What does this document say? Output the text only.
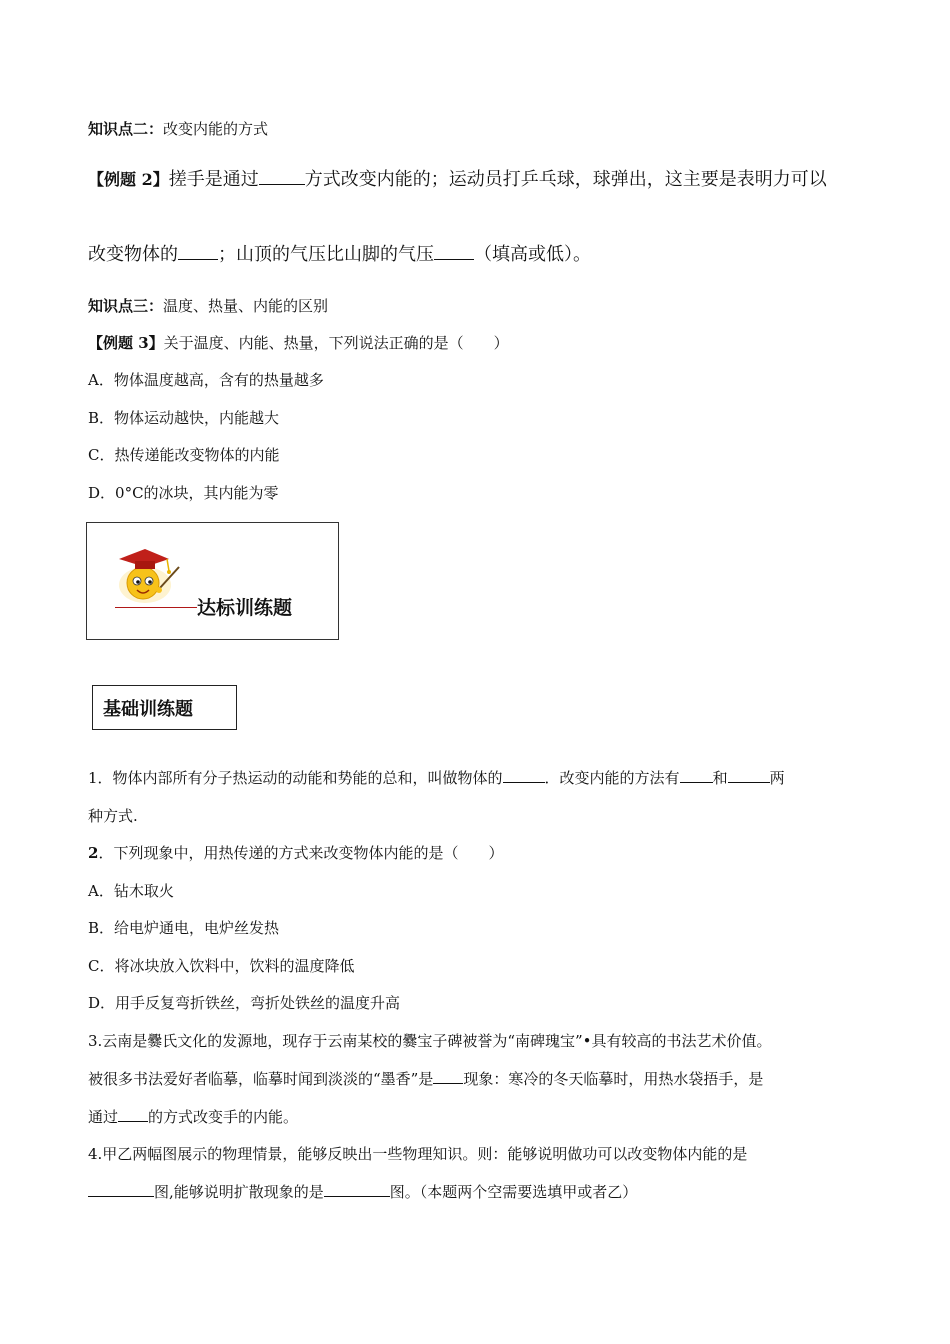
知识点二：改变内能的方式
【例题 2】搓手是通过	方式改变内能的；运动员打乒乓球，球弹出，这主要是表明力可以
改变物体的 ；山顶的气压比山脚的气压 （填高或低）。
知识点三：温度、热量、内能的区别
【例题 3】关于温度、内能、热量，下列说法正确的是（　　）
A．物体温度越高，含有的热量越多
B．物体运动越快，内能越大
C．热传递能改变物体的内能
D．0°C的冰块，其内能为零
达标训练题
基础训练题
1．物体内部所有分子热运动的动能和势能的总和，叫做物体的	．改变内能的方法有 和	两
种方式.
2．下列现象中，用热传递的方式来改变物体内能的是（　　）
A．钻木取火
B．给电炉通电，电炉丝发热
C．将冰块放入饮料中，饮料的温度降低
D．用手反复弯折铁丝，弯折处铁丝的温度升高
3.云南是爨氏文化的发源地，现存于云南某校的爨宝子碑被誉为“南碑瑰宝”•具有较高的书法艺术价值。
被很多书法爱好者临摹，临摹时闻到淡淡的“墨香”是 现象：寒冷的冬天临摹时，用热水袋捂手，是
通过 的方式改变手的内能。
4.甲乙两幅图展示的物理情景，能够反映出一些物理知识。则：能够说明做功可以改变物体内能的是
图,能够说明扩散现象的是	图。（本题两个空需要选填甲或者乙）
